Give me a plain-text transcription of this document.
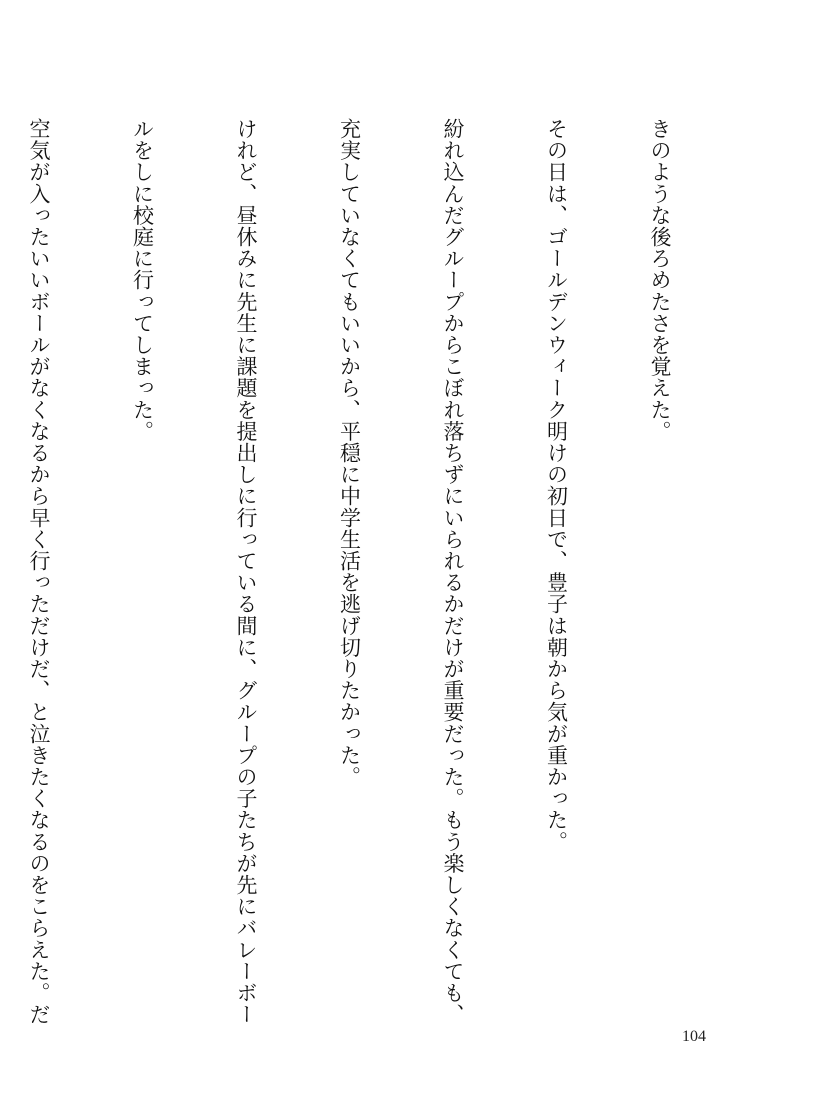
きのような後ろめたさを覚えた。

その日は、ゴールデンウィーク明けの初日で、豊子は朝から気が重かった。

紛れ込んだグループからこぼれ落ちずにいられるかだけが重要だった。もう楽しくなくても、

充実していなくてもいいから、平穏に中学生活を逃げ切りたかった。

けれど、昼休みに先生に課題を提出しに行っている間に、グループの子たちが先にバレーボー

ルをしに校庭に行ってしまった。

空気が入ったいいボールがなくなるから早く行っただけだ、と泣きたくなるのをこらえた。だ

104
